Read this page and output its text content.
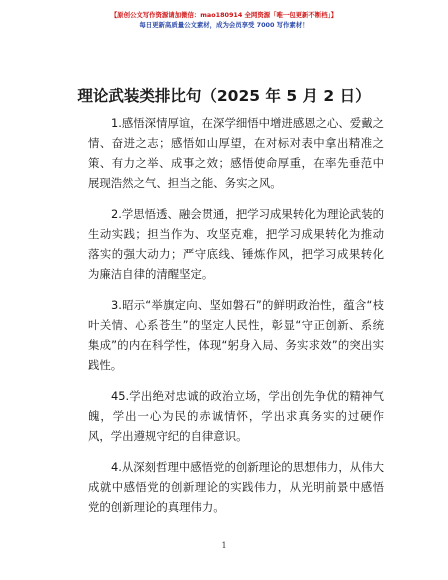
【原创公文写作资源请加微信：mao180914 全网资源「唯一包更新不断档」】
每日更新高质量公文素材，成为会员享受 7000 写作素材！
理论武装类排比句（2025 年 5 月 2 日）

1.感悟深情厚谊，在深学细悟中增进感恩之心、爱戴之情、奋进之志；感悟如山厚望，在对标对表中拿出精准之策、有力之举、成事之效；感悟使命厚重，在率先垂范中展现浩然之气、担当之能、务实之风。

2.学思悟透、融会贯通，把学习成果转化为理论武装的生动实践；担当作为、攻坚克难，把学习成果转化为推动落实的强大动力；严守底线、锤炼作风，把学习成果转化为廉洁自律的清醒坚定。

3.昭示“举旗定向、坚如磐石”的鲜明政治性，蕴含“枝叶关情、心系苍生”的坚定人民性，彰显“守正创新、系统集成”的内在科学性，体现“躬身入局、务实求效”的突出实践性。

45.学出绝对忠诚的政治立场，学出创先争优的精神气魄，学出一心为民的赤诚情怀，学出求真务实的过硬作风，学出遵规守纪的自律意识。

4.从深刻哲理中感悟党的创新理论的思想伟力，从伟大成就中感悟党的创新理论的实践伟力，从光明前景中感悟党的创新理论的真理伟力。

1
